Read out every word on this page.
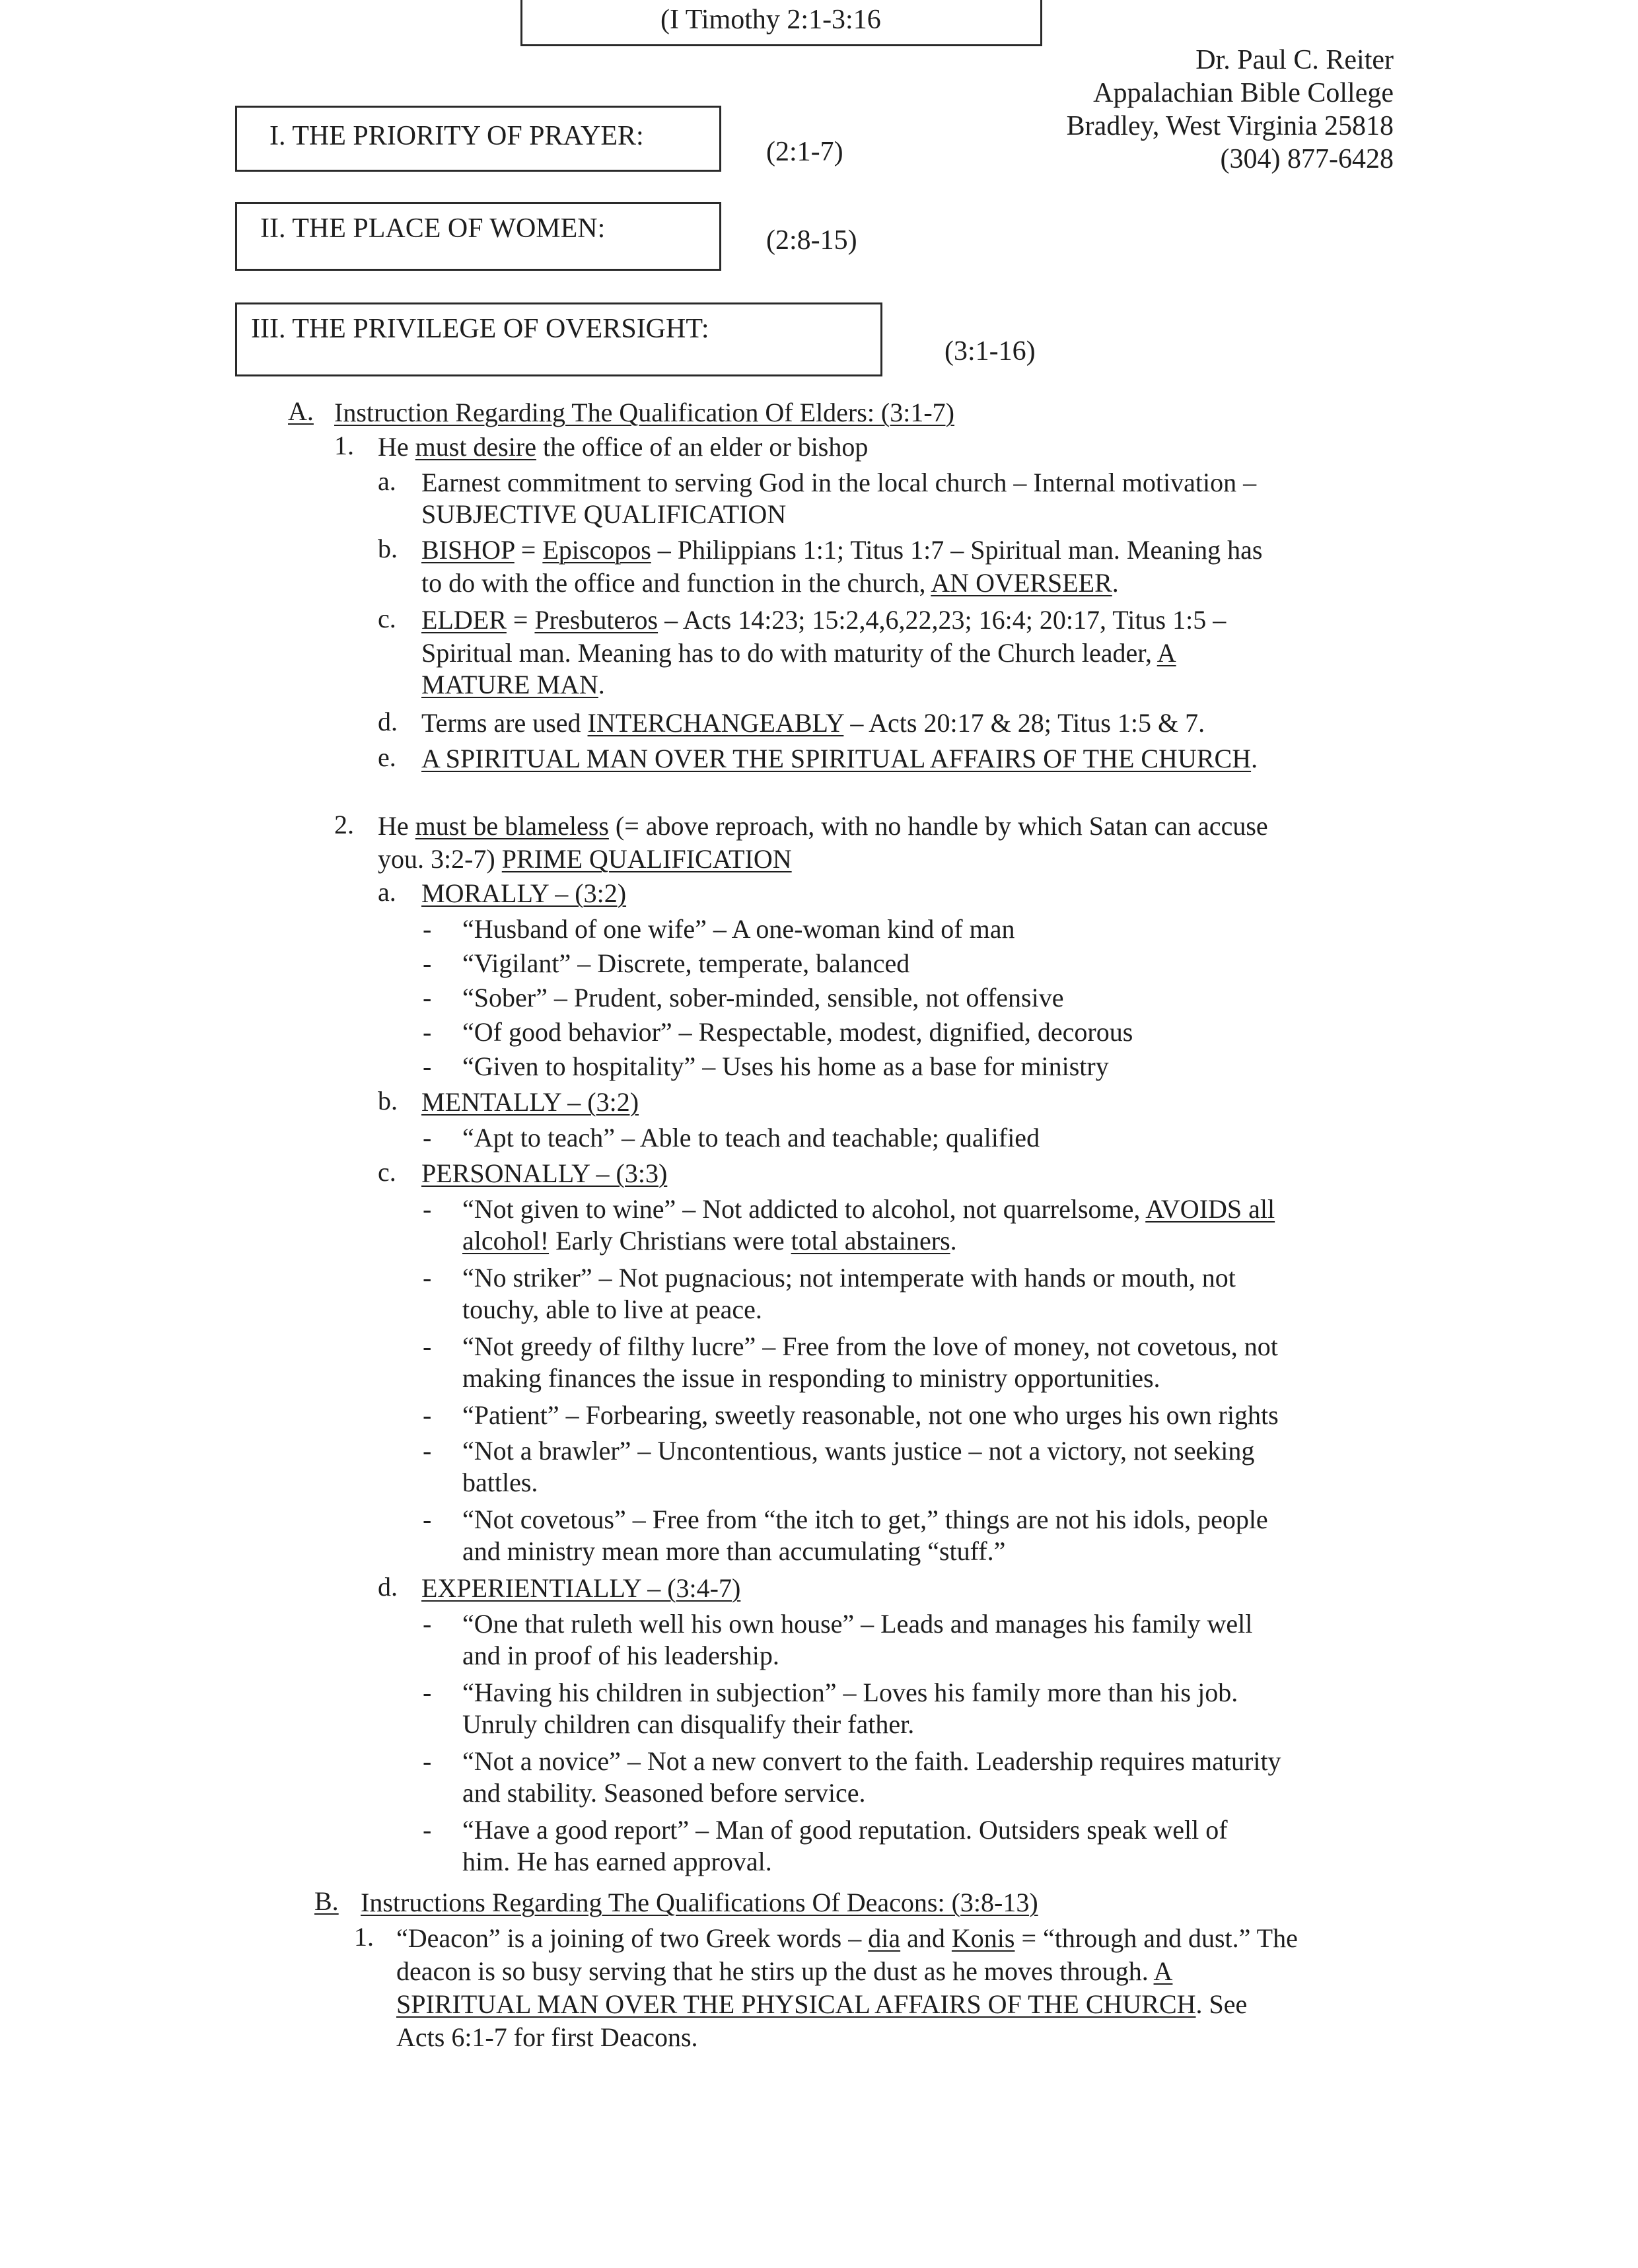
(I Timothy 2:1-3:16
Dr. Paul C. Reiter
Appalachian Bible College
Bradley, West Virginia 25818
(304) 877-6428
I. THE PRIORITY OF PRAYER:
(2:1-7)
II. THE PLACE OF WOMEN:	(2:8-15)
III. THE PRIVILEGE OF OVERSIGHT:
(3:1-16)
A. Instruction Regarding The Qualification Of Elders: (3:1-7)
1. He must desire the office of an elder or bishop
a. Earnest commitment to serving God in the local church – Internal motivation –
SUBJECTIVE QUALIFICATION
b. BISHOP = Episcopos – Philippians 1:1; Titus 1:7 – Spiritual man. Meaning has
to do with the office and function in the church, AN OVERSEER.
c. ELDER = Presbuteros – Acts 14:23; 15:2,4,6,22,23; 16:4; 20:17, Titus 1:5 –
Spiritual man. Meaning has to do with maturity of the Church leader, A
MATURE MAN.
d. Terms are used INTERCHANGEABLY – Acts 20:17 & 28; Titus 1:5 & 7.
e. A SPIRITUAL MAN OVER THE SPIRITUAL AFFAIRS OF THE CHURCH.
2. He must be blameless (= above reproach, with no handle by which Satan can accuse
you. 3:2-7) PRIME QUALIFICATION
a. MORALLY – (3:2)
- “Husband of one wife” – A one-woman kind of man
- “Vigilant” – Discrete, temperate, balanced
- “Sober” – Prudent, sober-minded, sensible, not offensive
- “Of good behavior” – Respectable, modest, dignified, decorous
- “Given to hospitality” – Uses his home as a base for ministry
b. MENTALLY – (3:2)
- “Apt to teach” – Able to teach and teachable; qualified
c. PERSONALLY – (3:3)
- “Not given to wine” – Not addicted to alcohol, not quarrelsome, AVOIDS all
alcohol! Early Christians were total abstainers.
- “No striker” – Not pugnacious; not intemperate with hands or mouth, not
touchy, able to live at peace.
- “Not greedy of filthy lucre” – Free from the love of money, not covetous, not
making finances the issue in responding to ministry opportunities.
- “Patient” – Forbearing, sweetly reasonable, not one who urges his own rights
- “Not a brawler” – Uncontentious, wants justice – not a victory, not seeking
battles.
- “Not covetous” – Free from “the itch to get,” things are not his idols, people
and ministry mean more than accumulating “stuff.”
d. EXPERIENTIALLY – (3:4-7)
- “One that ruleth well his own house” – Leads and manages his family well
and in proof of his leadership.
- “Having his children in subjection” – Loves his family more than his job.
Unruly children can disqualify their father.
- “Not a novice” – Not a new convert to the faith. Leadership requires maturity
and stability. Seasoned before service.
- “Have a good report” – Man of good reputation. Outsiders speak well of
him. He has earned approval.
B. Instructions Regarding The Qualifications Of Deacons: (3:8-13)
1. “Deacon” is a joining of two Greek words – dia and Konis = “through and dust.” The
deacon is so busy serving that he stirs up the dust as he moves through. A
SPIRITUAL MAN OVER THE PHYSICAL AFFAIRS OF THE CHURCH. See
Acts 6:1-7 for first Deacons.
